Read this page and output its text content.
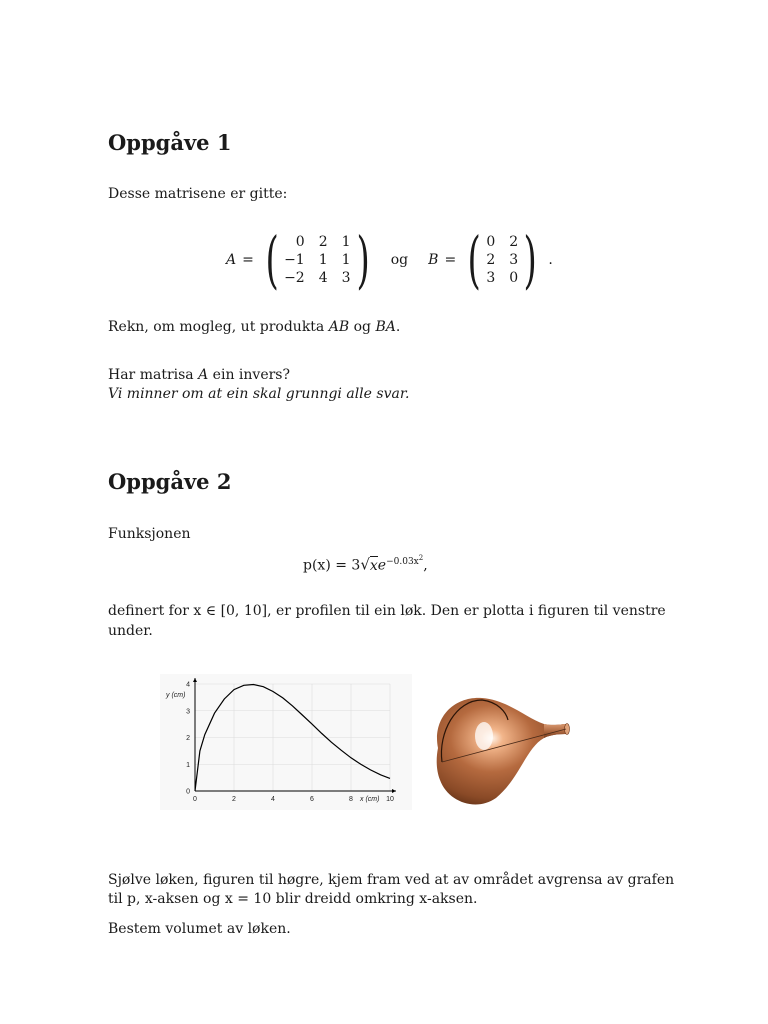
Oppgåve 1
Desse matrisene er gitte:
A = (	0 2 1
−1 1 1
−2 4 3 ) og B = ( 0 2
2 3
3 0 ) .
Rekn, om mogleg, ut produkta AB og BA.
Har matrisa A ein invers?
Vi minner om at ein skal grunngi alle svar.
Oppgåve 2
Funksjonen
$p(x) = 3√xe^{-0.03x^2}$,
definert for x ∈ [0, 10], er profilen til ein løk. Den er plotta i figuren til venstre
under.
x (cm)
y (cm)
0	2	4	6	8	10
0
1
2
3
4
Sjølve løken, figuren til høgre, kjem fram ved at av området avgrensa av grafen
til p, x-aksen og x = 10 blir dreidd omkring x-aksen.
Bestem volumet av løken.
